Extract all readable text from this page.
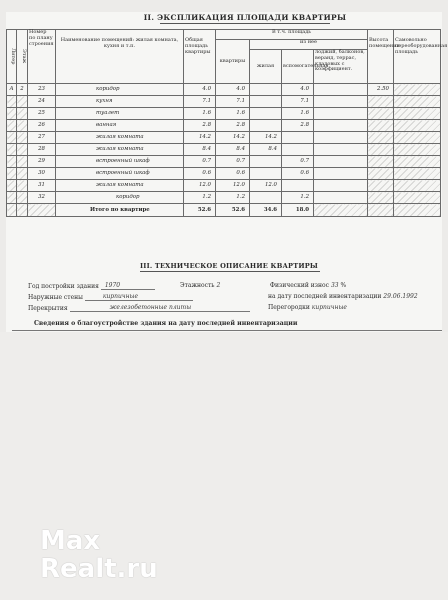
II. ЭКСПЛИКАЦИЯ ПЛОЩАДИ КВАРТИРЫ
Литер	Этаж	Номер по плану строения	Наименование помещений: жилая комната, кухня и т.п.	Общая площадь квартиры	В т.ч. площадь				Высота помещения	Самовольно переоборудованная площадь
					квартиры	из нее				
						жилая	вспомогательная	лоджий, балконов, веранд, террас, кладовых с коэффициент.		
А	2	23	коридор	4.0	4.0		4.0		2.50	
		24	кухня	7.1	7.1		7.1			
		25	туалет	1.6	1.6		1.6			
		26	ванная	2.8	2.8		2.8			
		27	жилая комната	14.2	14.2	14.2				
		28	жилая комната	8.4	8.4	8.4				
		29	встроенный шкаф	0.7	0.7		0.7			
		30	встроенный шкаф	0.6	0.6		0.6			
		31	жилая комната	12.0	12.0	12.0				
		32	коридор	1.2	1.2		1.2			
			Итого по квартире	52.6	52.6	34.6	18.0			
III. ТЕХНИЧЕСКОЕ ОПИСАНИЕ КВАРТИРЫ
Год постройки здания 1970	Этажность 2	Физический износ 33 %
Наружные стены	кирпичные	на дату последней инвентаризации 29.06.1992
Перекрытия	железобетонные плиты	Перегородки кирпичные
Сведения о благоустройстве здания на дату последней инвентаризации
Max
Realt.ru
